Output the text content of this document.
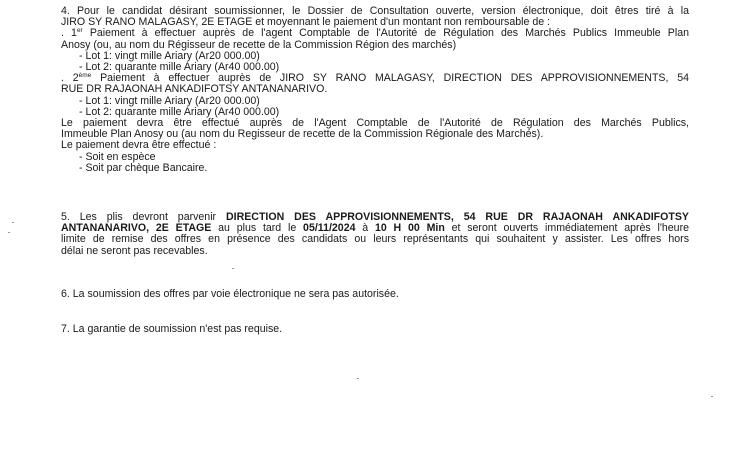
4. Pour le candidat désirant soumissionner, le Dossier de Consultation ouverte, version électronique, doit êtres tiré à la
JIRO SY RANO MALAGASY, 2E ETAGE et moyennant le paiement d'un montant non remboursable de :
. 1er Paiement à effectuer auprès de l'agent Comptable de l'Autorité de Régulation des Marchés Publics Immeuble Plan
Anosy (ou, au nom du Régisseur de recette de la Commission Région des marchés)
- Lot 1: vingt mille Ariary (Ar20 000.00)
- Lot 2: quarante mille Ariary (Ar40 000.00)
. 2ème Paiement à effectuer auprès de JIRO SY RANO MALAGASY, DIRECTION DES APPROVISIONNEMENTS, 54
RUE DR RAJAONAH ANKADIFOTSY ANTANANARIVO.
- Lot 1: vingt mille Ariary (Ar20 000.00)
- Lot 2: quarante mille Ariary (Ar40 000.00)
Le paiement devra être effectué auprès de l'Agent Comptable de l'Autorité de Régulation des Marchés Publics,
Immeuble Plan Anosy ou (au nom du Regisseur de recette de la Commission Régionale des Marchés).
Le paiement devra être effectué :
- Soit en espèce
- Soit par chèque Bancaire.
5. Les plis devront parvenir DIRECTION DES APPROVISIONNEMENTS, 54 RUE DR RAJAONAH ANKADIFOTSY
ANTANANARIVO, 2E ETAGE au plus tard le 05/11/2024 à 10 H 00 Min et seront ouverts immédiatement après l'heure
limite de remise des offres en présence des candidats ou leurs représentants qui souhaitent y assister. Les offres hors
délai ne seront pas recevables.
6. La soumission des offres par voie électronique ne sera pas autorisée.
7. La garantie de soumission n'est pas requise.
